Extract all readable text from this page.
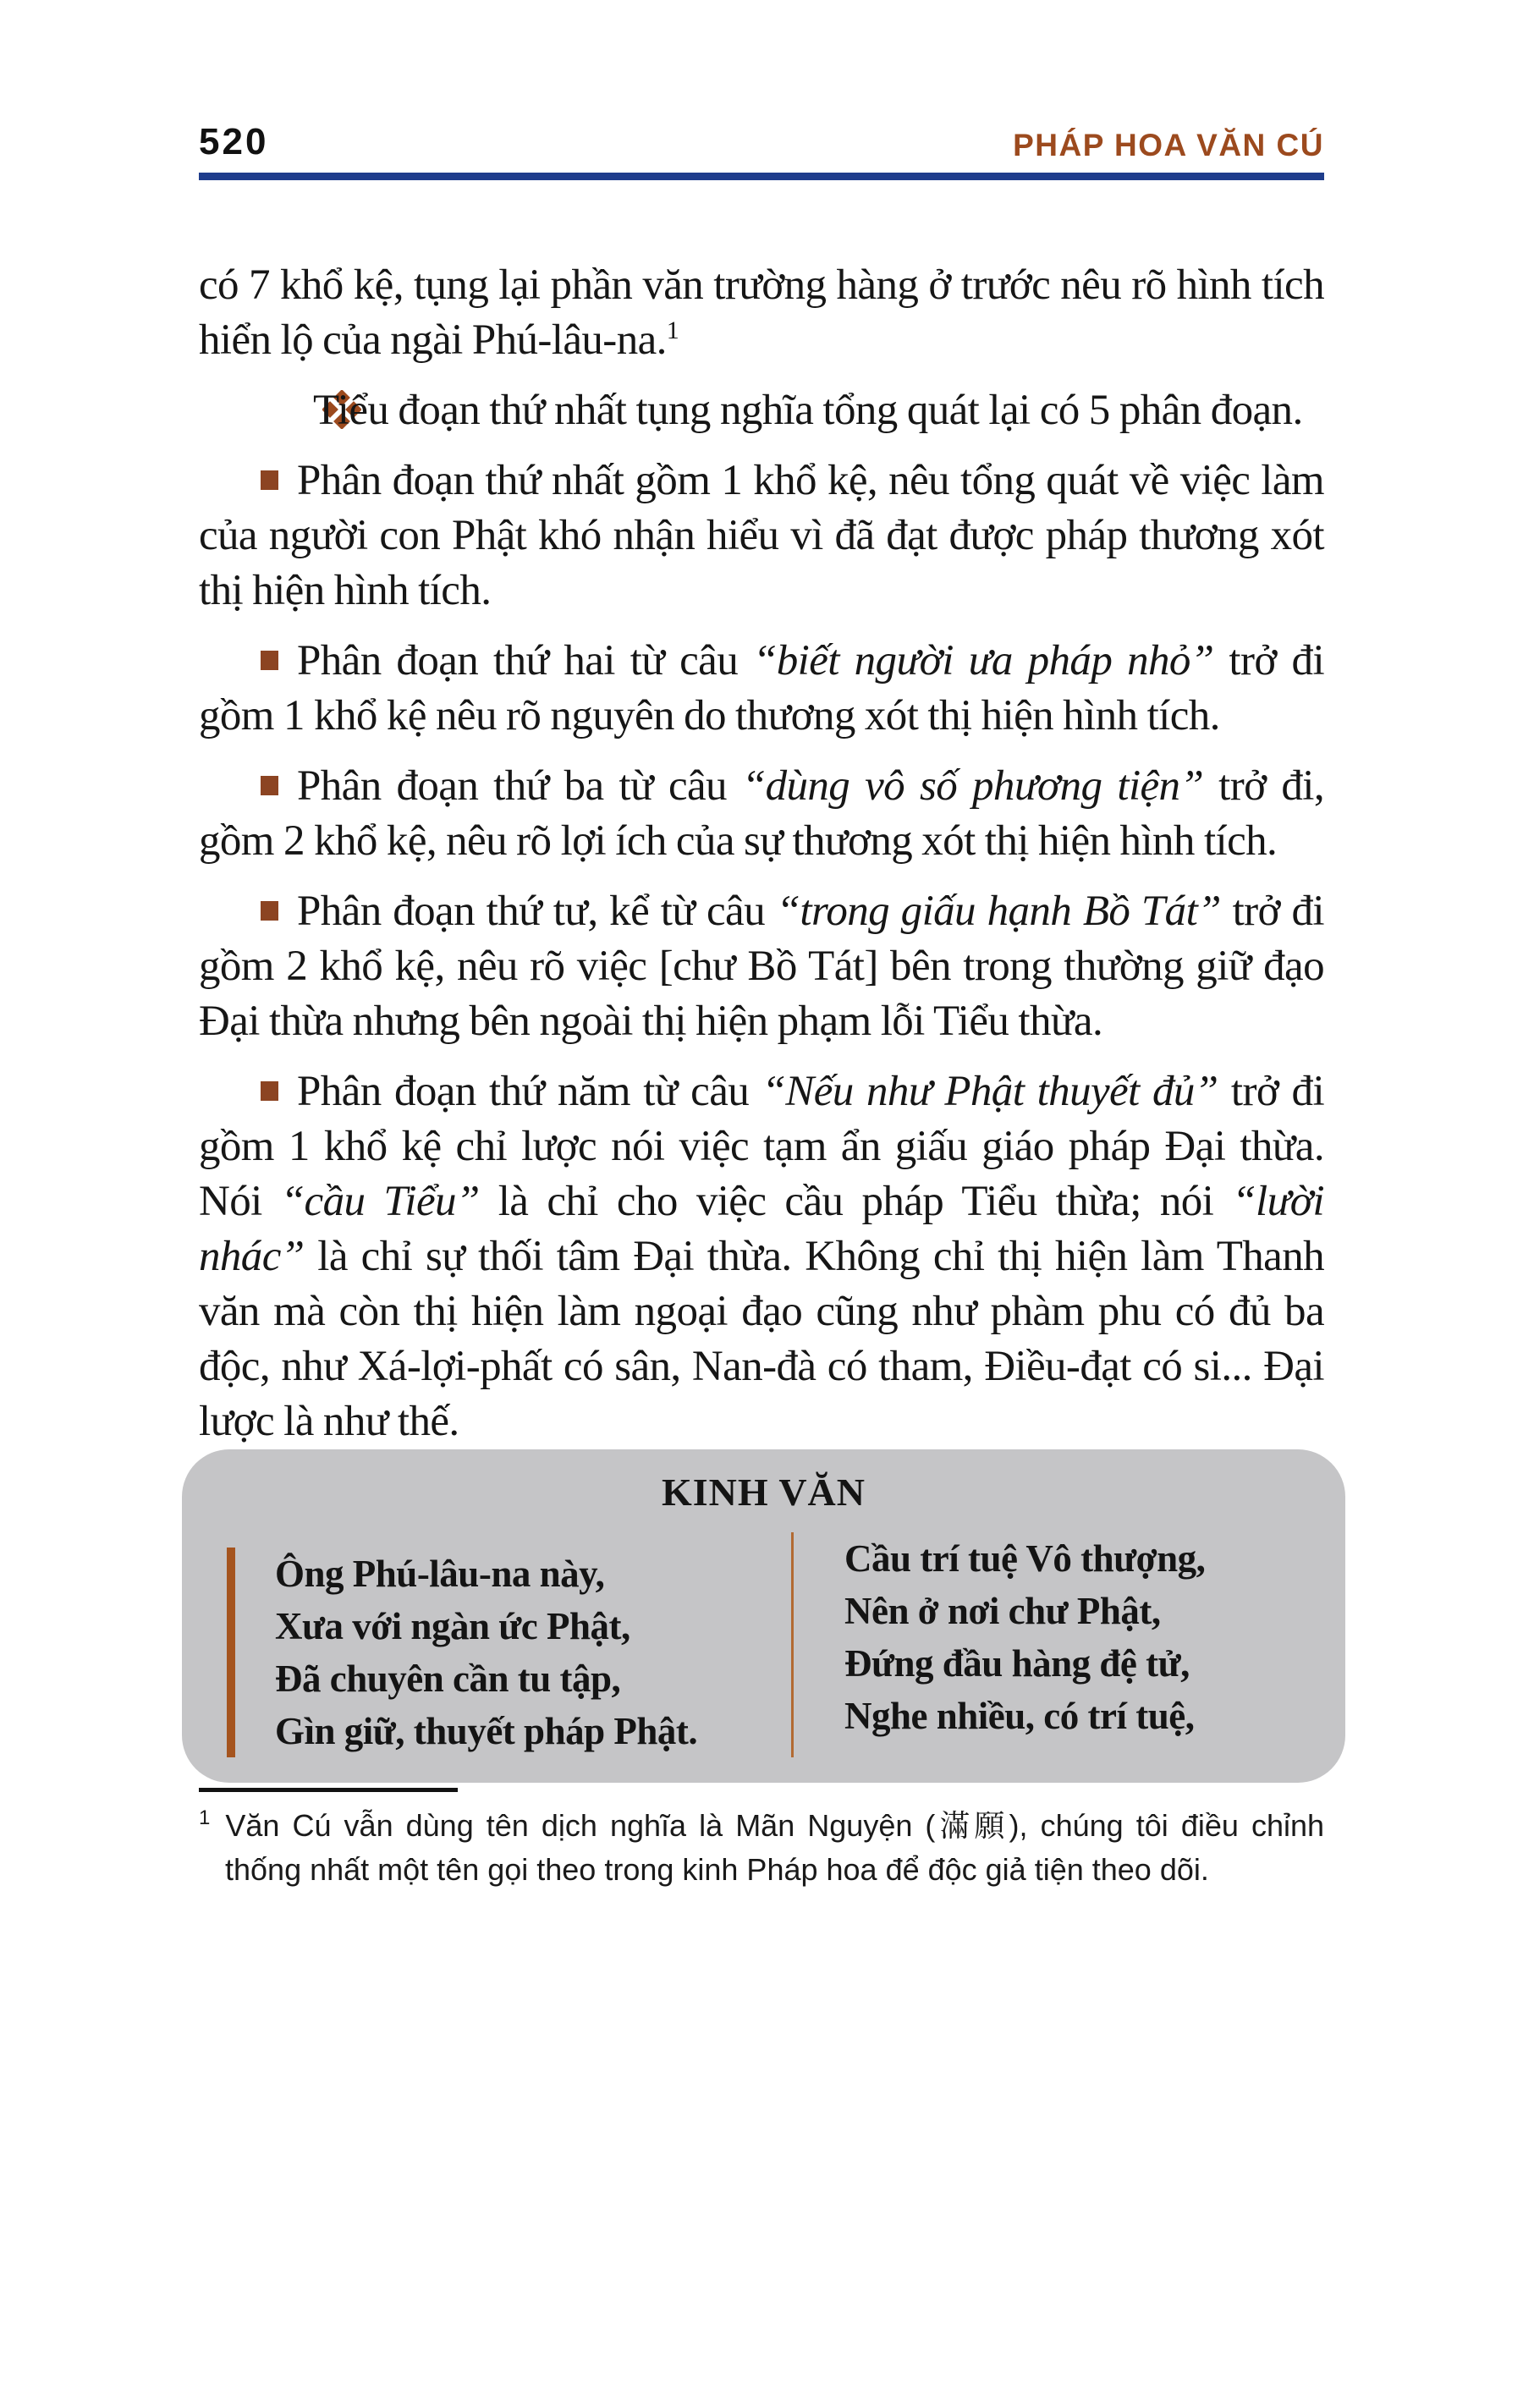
520	PHÁP HOA VĂN CÚ

có 7 khổ kệ, tụng lại phần văn trường hàng ở trước nêu rõ hình tích hiển lộ của ngài Phú-lâu-na.$^1$

Tiểu đoạn thứ nhất tụng nghĩa tổng quát lại có 5 phân đoạn.

Phân đoạn thứ nhất gồm 1 khổ kệ, nêu tổng quát về việc làm của người con Phật khó nhận hiểu vì đã đạt được pháp thương xót thị hiện hình tích.

Phân đoạn thứ hai từ câu “biết người ưa pháp nhỏ” trở đi gồm 1 khổ kệ nêu rõ nguyên do thương xót thị hiện hình tích.

Phân đoạn thứ ba từ câu “dùng vô số phương tiện” trở đi, gồm 2 khổ kệ, nêu rõ lợi ích của sự thương xót thị hiện hình tích.

Phân đoạn thứ tư, kể từ câu “trong giấu hạnh Bồ Tát” trở đi gồm 2 khổ kệ, nêu rõ việc [chư Bồ Tát] bên trong thường giữ đạo Đại thừa nhưng bên ngoài thị hiện phạm lỗi Tiểu thừa.

Phân đoạn thứ năm từ câu “Nếu như Phật thuyết đủ” trở đi gồm 1 khổ kệ chỉ lược nói việc tạm ẩn giấu giáo pháp Đại thừa. Nói “cầu Tiểu” là chỉ cho việc cầu pháp Tiểu thừa; nói “lười nhác” là chỉ sự thối tâm Đại thừa. Không chỉ thị hiện làm Thanh văn mà còn thị hiện làm ngoại đạo cũng như phàm phu có đủ ba độc, như Xá-lợi-phất có sân, Nan-đà có tham, Điều-đạt có si... Đại lược là như thế.

KINH VĂN
Ông Phú-lâu-na này,
Xưa với ngàn ức Phật,
Đã chuyên cần tu tập,
Gìn giữ, thuyết pháp Phật.
Cầu trí tuệ Vô thượng,
Nên ở nơi chư Phật,
Đứng đầu hàng đệ tử,
Nghe nhiều, có trí tuệ,
$^1$ Văn Cú vẫn dùng tên dịch nghĩa là Mãn Nguyện (滿願), chúng tôi điều chỉnh thống nhất một tên gọi theo trong kinh Pháp hoa để độc giả tiện theo dõi.
